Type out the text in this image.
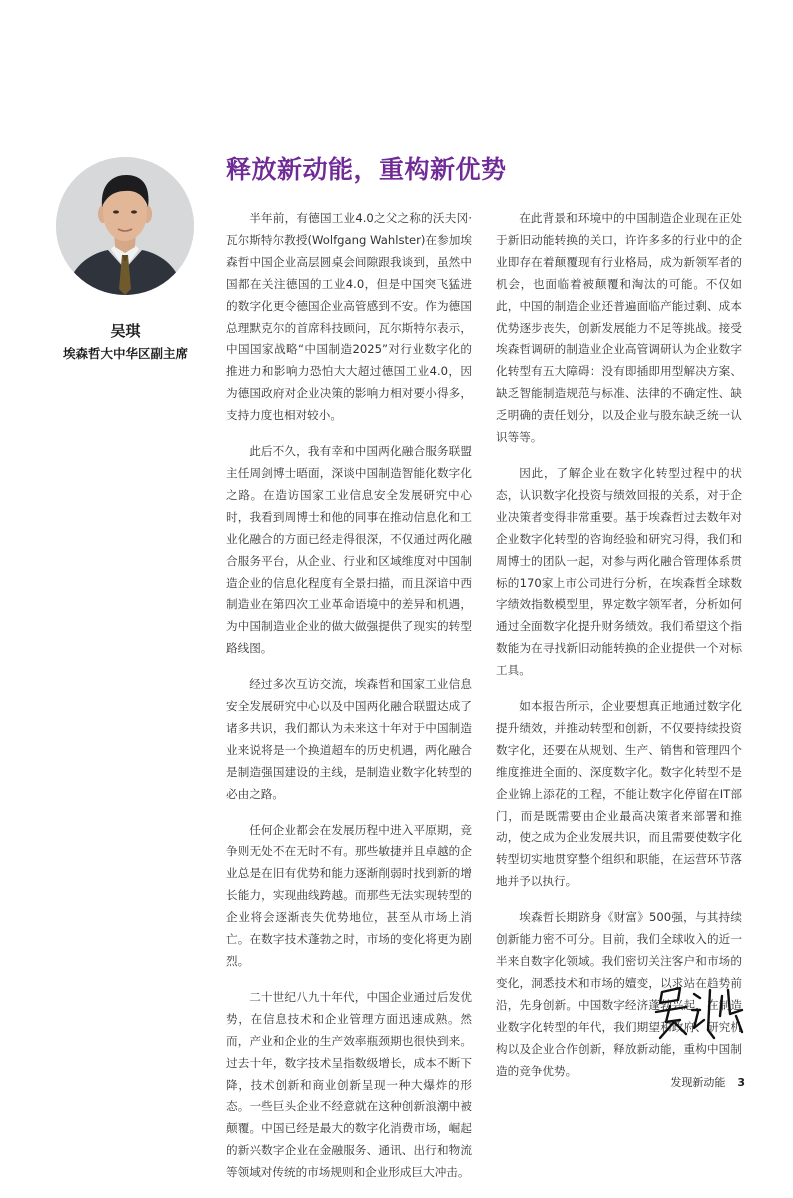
吴琪
埃森哲大中华区副主席
释放新动能，重构新优势

半年前，有德国工业4.0之父之称的沃夫冈·瓦尔斯特尔教授(Wolfgang Wahlster)在参加埃森哲中国企业高层圆桌会间隙跟我谈到，虽然中国都在关注德国的工业4.0，但是中国突飞猛进的数字化更令德国企业高管感到不安。作为德国总理默克尔的首席科技顾问，瓦尔斯特尔表示，中国国家战略“中国制造2025”对行业数字化的推进力和影响力恐怕大大超过德国工业4.0，因为德国政府对企业决策的影响力相对要小得多，支持力度也相对较小。

此后不久，我有幸和中国两化融合服务联盟主任周剑博士晤面，深谈中国制造智能化数字化之路。在造访国家工业信息安全发展研究中心时，我看到周博士和他的同事在推动信息化和工业化融合的方面已经走得很深，不仅通过两化融合服务平台，从企业、行业和区域维度对中国制造企业的信息化程度有全景扫描，而且深谙中西制造业在第四次工业革命语境中的差异和机遇，为中国制造业企业的做大做强提供了现实的转型路线图。

经过多次互访交流，埃森哲和国家工业信息安全发展研究中心以及中国两化融合联盟达成了诸多共识，我们都认为未来这十年对于中国制造业来说将是一个换道超车的历史机遇，两化融合是制造强国建设的主线，是制造业数字化转型的必由之路。

任何企业都会在发展历程中进入平原期，竞争则无处不在无时不有。那些敏捷并且卓越的企业总是在旧有优势和能力逐渐削弱时找到新的增长能力，实现曲线跨越。而那些无法实现转型的企业将会逐渐丧失优势地位，甚至从市场上消亡。在数字技术蓬勃之时，市场的变化将更为剧烈。

二十世纪八九十年代，中国企业通过后发优势，在信息技术和企业管理方面迅速成熟。然而，产业和企业的生产效率瓶颈期也很快到来。过去十年，数字技术呈指数级增长，成本不断下降，技术创新和商业创新呈现一种大爆炸的形态。一些巨头企业不经意就在这种创新浪潮中被颠覆。中国已经是最大的数字化消费市场，崛起的新兴数字企业在金融服务、通讯、出行和物流等领域对传统的市场规则和企业形成巨大冲击。

在此背景和环境中的中国制造企业现在正处于新旧动能转换的关口，许许多多的行业中的企业即存在着颠覆现有行业格局，成为新领军者的机会，也面临着被颠覆和淘汰的可能。不仅如此，中国的制造企业还普遍面临产能过剩、成本优势逐步丧失，创新发展能力不足等挑战。接受埃森哲调研的制造业企业高管调研认为企业数字化转型有五大障碍：没有即插即用型解决方案、缺乏智能制造规范与标准、法律的不确定性、缺乏明确的责任划分，以及企业与股东缺乏统一认识等等。

因此，了解企业在数字化转型过程中的状态，认识数字化投资与绩效回报的关系，对于企业决策者变得非常重要。基于埃森哲过去数年对企业数字化转型的咨询经验和研究习得，我们和周博士的团队一起，对参与两化融合管理体系贯标的170家上市公司进行分析，在埃森哲全球数字绩效指数模型里，界定数字领军者，分析如何通过全面数字化提升财务绩效。我们希望这个指数能为在寻找新旧动能转换的企业提供一个对标工具。

如本报告所示，企业要想真正地通过数字化提升绩效，并推动转型和创新，不仅要持续投资数字化，还要在从规划、生产、销售和管理四个维度推进全面的、深度数字化。数字化转型不是企业锦上添花的工程，不能让数字化停留在IT部门，而是既需要由企业最高决策者来部署和推动，使之成为企业发展共识，而且需要使数字化转型切实地贯穿整个组织和职能，在运营环节落地并予以执行。

埃森哲长期跻身《财富》500强，与其持续创新能力密不可分。目前，我们全球收入的近一半来自数字化领域。我们密切关注客户和市场的变化，洞悉技术和市场的嬗变，以求站在趋势前沿，先身创新。中国数字经济蓬勃兴起，在制造业数字化转型的年代，我们期望和政府、研究机构以及企业合作创新，释放新动能，重构中国制造的竞争优势。

发现新动能 3
